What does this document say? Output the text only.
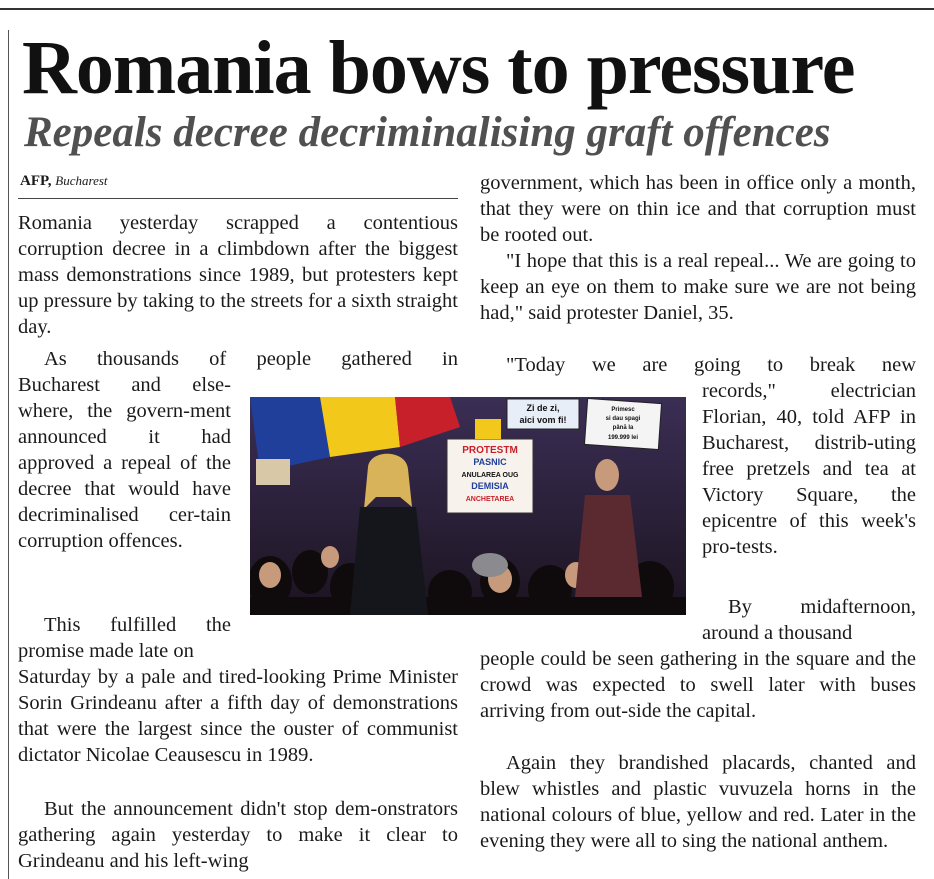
Romania bows to pressure
Repeals decree decriminalising graft offences
AFP, Bucharest

Romania yesterday scrapped a contentious corruption decree in a climbdown after the biggest mass demonstrations since 1989, but protesters kept up pressure by taking to the streets for a sixth straight day.

As thousands of people gathered in

Bucharest and else-where, the govern-ment announced it had approved a repeal of the decree that would have decriminalised cer-tain corruption offences.

This fulfilled the promise made late on

Saturday by a pale and tired-looking Prime Minister Sorin Grindeanu after a fifth day of demonstrations that were the largest since the ouster of communist dictator Nicolae Ceausescu in 1989.

But the announcement didn't stop dem-onstrators gathering again yesterday to make it clear to Grindeanu and his left-wing

government, which has been in office only a month, that they were on thin ice and that corruption must be rooted out.

"I hope that this is a real repeal... We are going to keep an eye on them to make sure we are not being had," said protester Daniel, 35.

"Today we are going to break new

records," electrician Florian, 40, told AFP in Bucharest, distrib-uting free pretzels and tea at Victory Square, the epicentre of this week's pro-tests.

By midafternoon, around a thousand

people could be seen gathering in the square and the crowd was expected to swell later with buses arriving from out-side the capital.

Again they brandished placards, chanted and blew whistles and plastic vuvuzela horns in the national colours of blue, yellow and red. Later in the evening they were all to sing the national anthem.

Zi de zi,
aici vom fi!
Primesc
si dau spagi
până la
199.999 lei
PROTESTM
PASNIC
ANULAREA OUG
DEMISIA
ANCHETAREA
